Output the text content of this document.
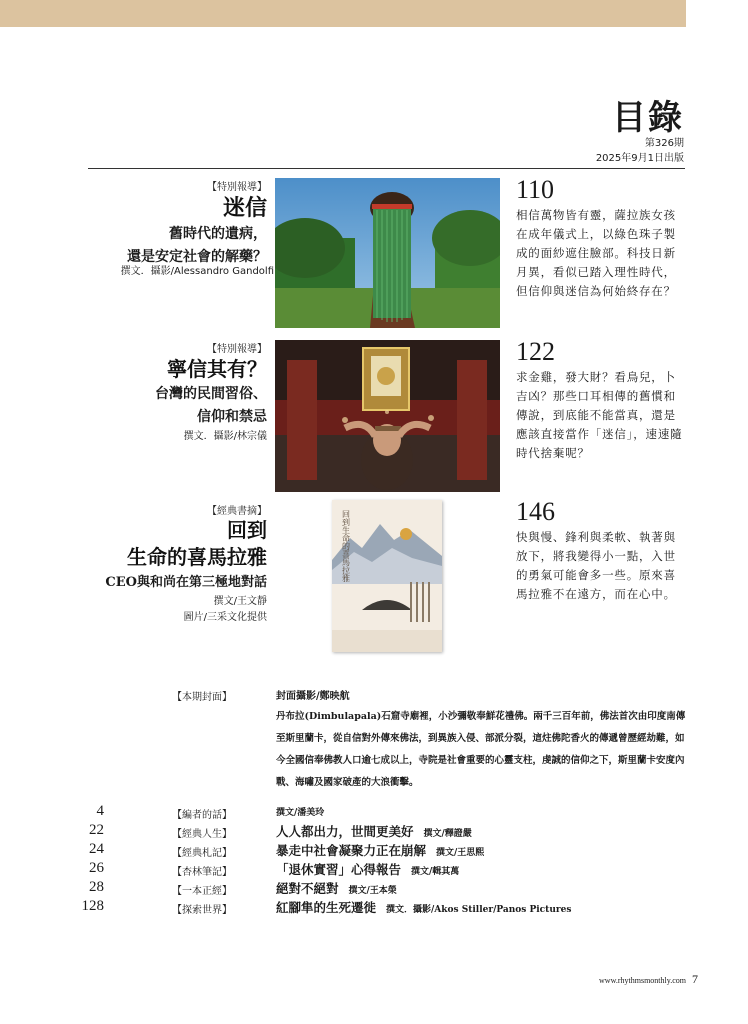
目錄
第326期
2025年9月1日出版
【特別報導】
迷信
舊時代的遺病，
還是安定社會的解藥？
撰文．攝影/Alessandro Gandolfi
110
相信萬物皆有靈，薩拉族女孩在成年儀式上，以綠色珠子製成的面紗遮住臉部。科技日新月異，看似已踏入理性時代，但信仰與迷信為何始終存在？
【特別報導】
寧信其有？
台灣的民間習俗、
信仰和禁忌
撰文．攝影/林宗儀
122
求金雞，發大財？看鳥兒，卜吉凶？那些口耳相傳的舊慣和傳說，到底能不能當真，還是應該直接當作「迷信」，速速隨時代捨棄呢？
【經典書摘】
回到
生命的喜馬拉雅
CEO與和尚在第三極地對話
撰文/王文靜
圖片/三采文化提供
回到生命的喜馬拉雅	146
快與慢、鋒利與柔軟、執著與放下，將我變得小一點，入世的勇氣可能會多一些。原來喜馬拉雅不在遠方，而在心中。
【本期封面】	封面攝影/鄭映航
丹布拉(Dimbulapala)石窟寺廟裡，小沙彌敬奉鮮花禮佛。兩千三百年前，佛法首次由印度南傳至斯里蘭卡，從自信對外傳來佛法，到異族入侵、部派分裂，這炷佛陀香火的傳遞曾歷經劫難，如今全國信奉佛教人口逾七成以上，寺院是社會重要的心靈支柱，虔誠的信仰之下，斯里蘭卡安度內戰、海嘯及國家破產的大浪衝擊。
4	【編者的話】	撰文/潘美玲
22	【經典人生】	人人都出力，世間更美好 撰文/釋證嚴
24	【經典札記】	暴走中社會凝聚力正在崩解 撰文/王思熙
26	【杏林筆記】	「退休實習」心得報告 撰文/輯其萬
28	【一本正經】	絕對不絕對 撰文/王本榮
128	【探索世界】	紅腳隼的生死遷徙 撰文．攝影/Akos Stiller/Panos Pictures
www.rhythmsmonthly.com 7
